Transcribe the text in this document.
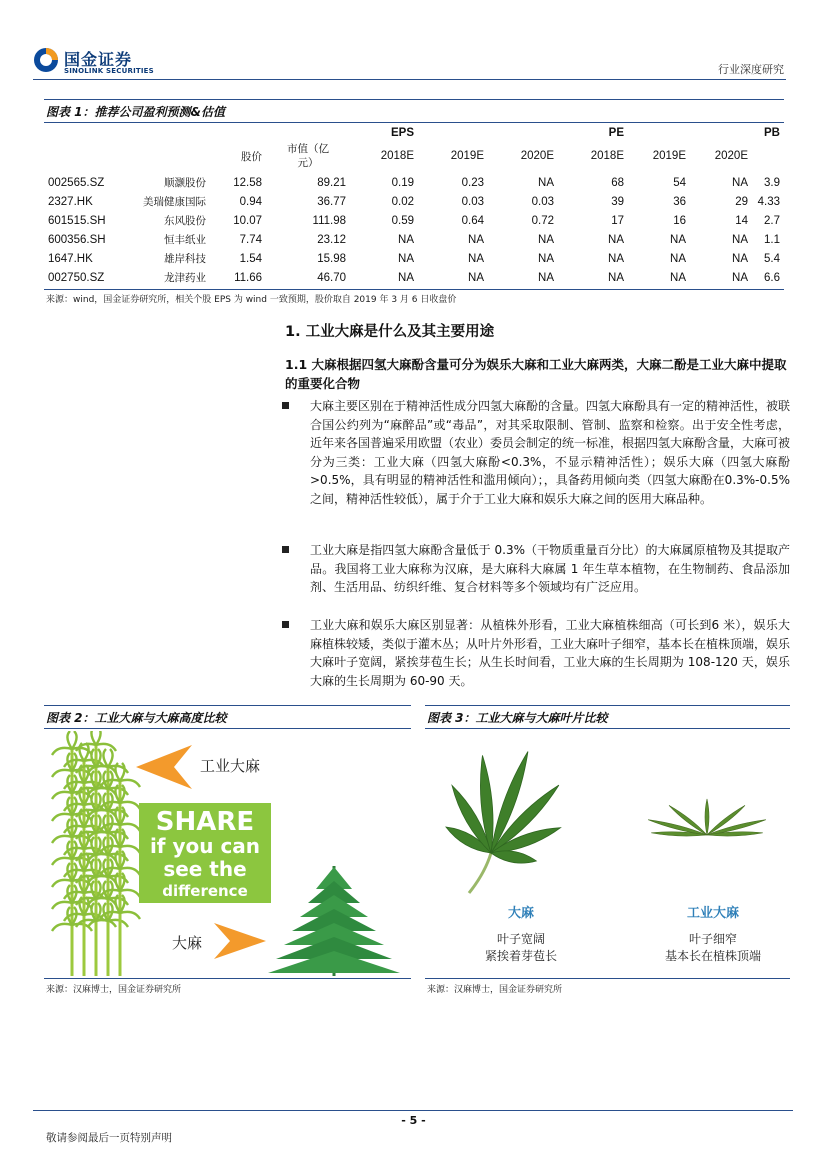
国金证券
SINOLINK SECURITIES	行业深度研究
图表 1：推荐公司盈利预测&估值
				EPS			PE			PB
		股价	市值（亿元）	2018E	2019E	2020E	2018E	2019E	2020E	
002565.SZ	顺灏股份	12.58	89.21	0.19	0.23	NA	68	54	NA	3.9
2327.HK	美瑞健康国际	0.94	36.77	0.02	0.03	0.03	39	36	29	4.33
601515.SH	东风股份	10.07	111.98	0.59	0.64	0.72	17	16	14	2.7
600356.SH	恒丰纸业	7.74	23.12	NA	NA	NA	NA	NA	NA	1.1
1647.HK	雄岸科技	1.54	15.98	NA	NA	NA	NA	NA	NA	5.4
002750.SZ	龙津药业	11.66	46.70	NA	NA	NA	NA	NA	NA	6.6
来源：wind，国金证券研究所，相关个股 EPS 为 wind 一致预期，股价取自 2019 年 3 月 6 日收盘价
1. 工业大麻是什么及其主要用途
1.1 大麻根据四氢大麻酚含量可分为娱乐大麻和工业大麻两类，大麻二酚是工业大麻中提取的重要化合物
大麻主要区别在于精神活性成分四氢大麻酚的含量。四氢大麻酚具有一定的精神活性，被联合国公约列为“麻醉品”或“毒品”，对其采取限制、管制、监察和检察。出于安全性考虑，近年来各国普遍采用欧盟（农业）委员会制定的统一标准，根据四氢大麻酚含量，大麻可被分为三类：工业大麻（四氢大麻酚<0.3%，不显示精神活性）；娱乐大麻（四氢大麻酚>0.5%，具有明显的精神活性和滥用倾向）；，具备药用倾向类（四氢大麻酚在0.3%-0.5%之间，精神活性较低），属于介于工业大麻和娱乐大麻之间的医用大麻品种。
工业大麻是指四氢大麻酚含量低于 0.3%（干物质重量百分比）的大麻属原植物及其提取产品。我国将工业大麻称为汉麻，是大麻科大麻属 1 年生草本植物，在生物制药、食品添加剂、生活用品、纺织纤维、复合材料等多个领域均有广泛应用。
工业大麻和娱乐大麻区别显著：从植株外形看，工业大麻植株细高（可长到6 米），娱乐大麻植株较矮，类似于灌木丛；从叶片外形看，工业大麻叶子细窄，基本长在植株顶端，娱乐大麻叶子宽阔，紧挨芽苞生长；从生长时间看，工业大麻的生长周期为 108-120 天，娱乐大麻的生长周期为 60-90 天。
图表 2：工业大麻与大麻高度比较
工业大麻
SHARE
if you can
see the
difference
大麻
来源：汉麻博士，国金证券研究所
图表 3：工业大麻与大麻叶片比较
大麻
叶子宽阔
紧挨着芽苞长
工业大麻
叶子细窄
基本长在植株顶端
来源：汉麻博士，国金证券研究所
- 5 -
敬请参阅最后一页特别声明
